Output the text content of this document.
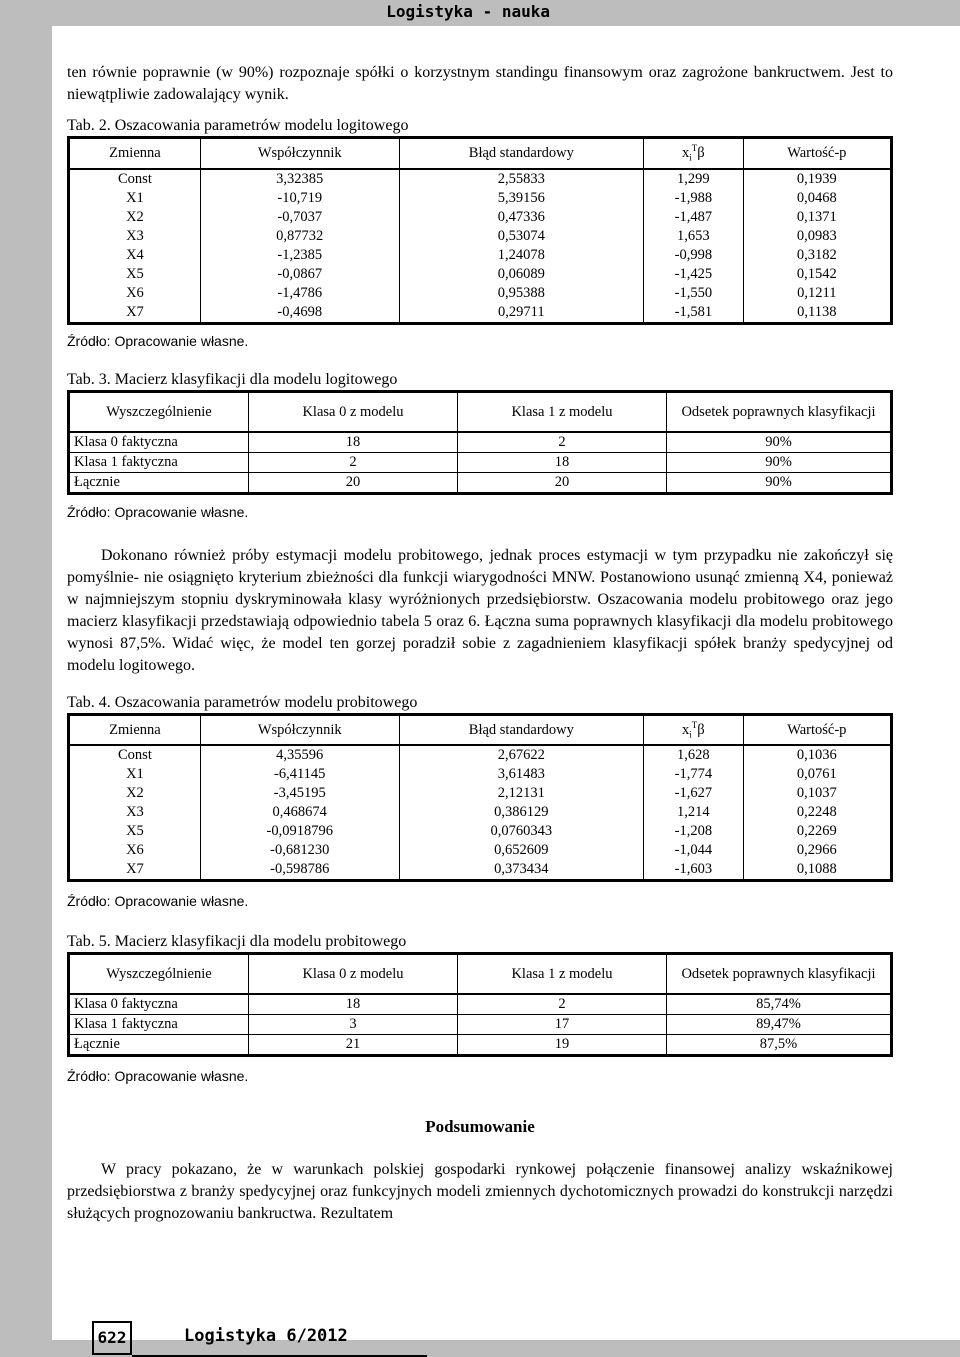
Logistyka - nauka

ten równie poprawnie (w 90%) rozpoznaje spółki o korzystnym standingu finansowym oraz zagrożone bankructwem. Jest to niewątpliwie zadowalający wynik.

Tab. 2. Oszacowania parametrów modelu logitowego

Zmienna	Współczynnik	Błąd standardowy	$x_i^T\beta$	Wartość-p
Const	3,32385	2,55833	1,299	0,1939
X1	-10,719	5,39156	-1,988	0,0468
X2	-0,7037	0,47336	-1,487	0,1371
X3	0,87732	0,53074	1,653	0,0983
X4	-1,2385	1,24078	-0,998	0,3182
X5	-0,0867	0,06089	-1,425	0,1542
X6	-1,4786	0,95388	-1,550	0,1211
X7	-0,4698	0,29711	-1,581	0,1138

Źródło: Opracowanie własne.

Tab. 3. Macierz klasyfikacji dla modelu logitowego

Wyszczególnienie	Klasa 0 z modelu	Klasa 1 z modelu	Odsetek poprawnych klasyfikacji
Klasa 0 faktyczna	18	2	90%
Klasa 1 faktyczna	2	18	90%
Łącznie	20	20	90%

Źródło: Opracowanie własne.

Dokonano również próby estymacji modelu probitowego, jednak proces estymacji w tym przypadku nie zakończył się pomyślnie- nie osiągnięto kryterium zbieżności dla funkcji wiarygodności MNW. Postanowiono usunąć zmienną X4, ponieważ w najmniejszym stopniu dyskryminowała klasy wyróżnionych przedsiębiorstw. Oszacowania modelu probitowego oraz jego macierz klasyfikacji przedstawiają odpowiednio tabela 5 oraz 6. Łączna suma poprawnych klasyfikacji dla modelu probitowego wynosi 87,5%. Widać więc, że model ten gorzej poradził sobie z zagadnieniem klasyfikacji spółek branży spedycyjnej od modelu logitowego.

Tab. 4. Oszacowania parametrów modelu probitowego

Zmienna	Współczynnik	Błąd standardowy	$x_i^T\beta$	Wartość-p
Const	4,35596	2,67622	1,628	0,1036
X1	-6,41145	3,61483	-1,774	0,0761
X2	-3,45195	2,12131	-1,627	0,1037
X3	0,468674	0,386129	1,214	0,2248
X5	-0,0918796	0,0760343	-1,208	0,2269
X6	-0,681230	0,652609	-1,044	0,2966
X7	-0,598786	0,373434	-1,603	0,1088

Źródło: Opracowanie własne.

Tab. 5. Macierz klasyfikacji dla modelu probitowego

Wyszczególnienie	Klasa 0 z modelu	Klasa 1 z modelu	Odsetek poprawnych klasyfikacji
Klasa 0 faktyczna	18	2	85,74%
Klasa 1 faktyczna	3	17	89,47%
Łącznie	21	19	87,5%

Źródło: Opracowanie własne.

Podsumowanie

W pracy pokazano, że w warunkach polskiej gospodarki rynkowej połączenie finansowej analizy wskaźnikowej przedsiębiorstwa z branży spedycyjnej oraz funkcyjnych modeli zmiennych dychotomicznych prowadzi do konstrukcji narzędzi służących prognozowaniu bankructwa. Rezultatem

622	Logistyka 6/2012
